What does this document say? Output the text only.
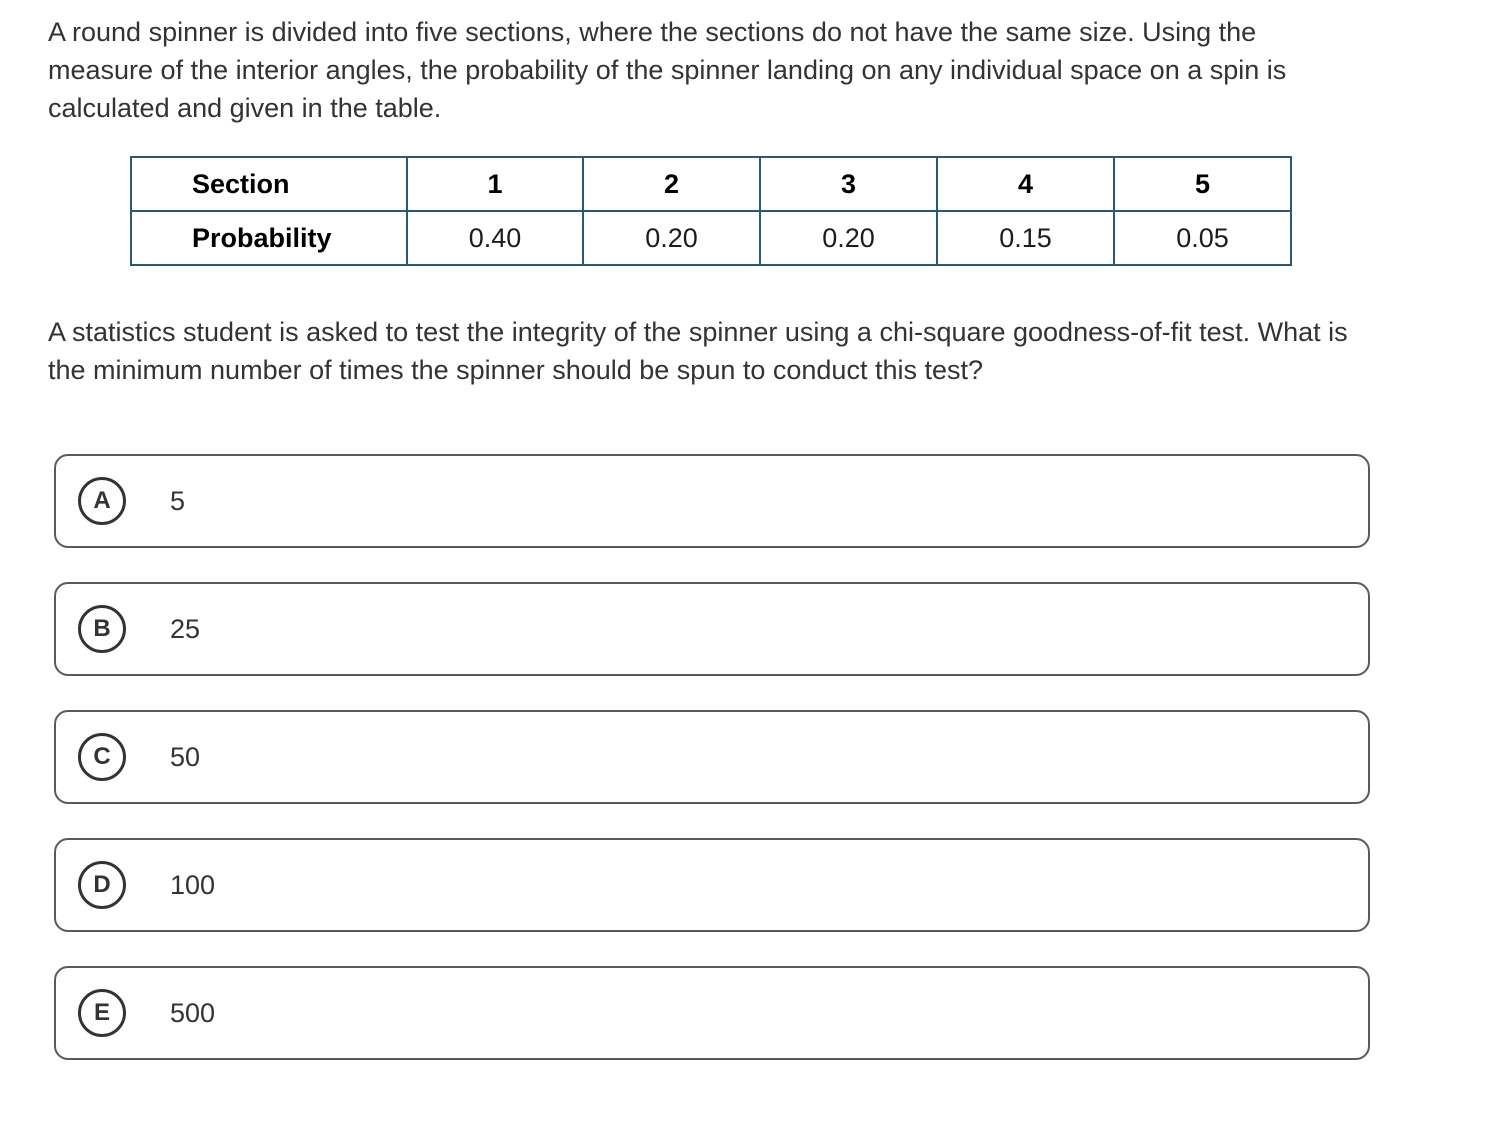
A round spinner is divided into five sections, where the sections do not have the same size. Using the measure of the interior angles, the probability of the spinner landing on any individual space on a spin is calculated and given in the table.

Section	1	2	3	4	5
Probability	0.40	0.20	0.20	0.15	0.05

A statistics student is asked to test the integrity of the spinner using a chi-square goodness-of-fit test. What is the minimum number of times the spinner should be spun to conduct this test?

A	5
B	25
C	50
D	100
E	500
